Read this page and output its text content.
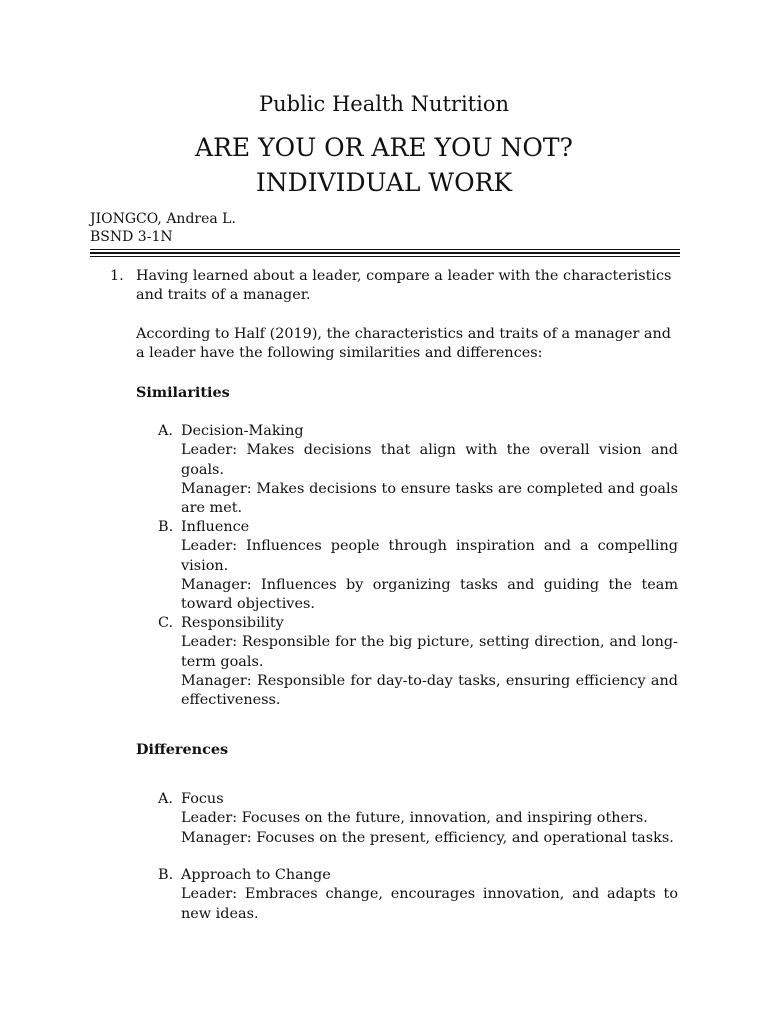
Public Health Nutrition
ARE YOU OR ARE YOU NOT? INDIVIDUAL WORK
JIONGCO, Andrea L.
BSND 3-1N
1. Having learned about a leader, compare a leader with the characteristics and traits of a manager.
According to Half (2019), the characteristics and traits of a manager and a leader have the following similarities and differences:
Similarities
A. Decision-Making
Leader: Makes decisions that align with the overall vision and goals.
Manager: Makes decisions to ensure tasks are completed and goals are met.
B. Influence
Leader: Influences people through inspiration and a compelling vision.
Manager: Influences by organizing tasks and guiding the team toward objectives.
C. Responsibility
Leader: Responsible for the big picture, setting direction, and long-term goals.
Manager: Responsible for day-to-day tasks, ensuring efficiency and effectiveness.
Differences
A. Focus
Leader: Focuses on the future, innovation, and inspiring others.
Manager: Focuses on the present, efficiency, and operational tasks.
B. Approach to Change
Leader: Embraces change, encourages innovation, and adapts to new ideas.
